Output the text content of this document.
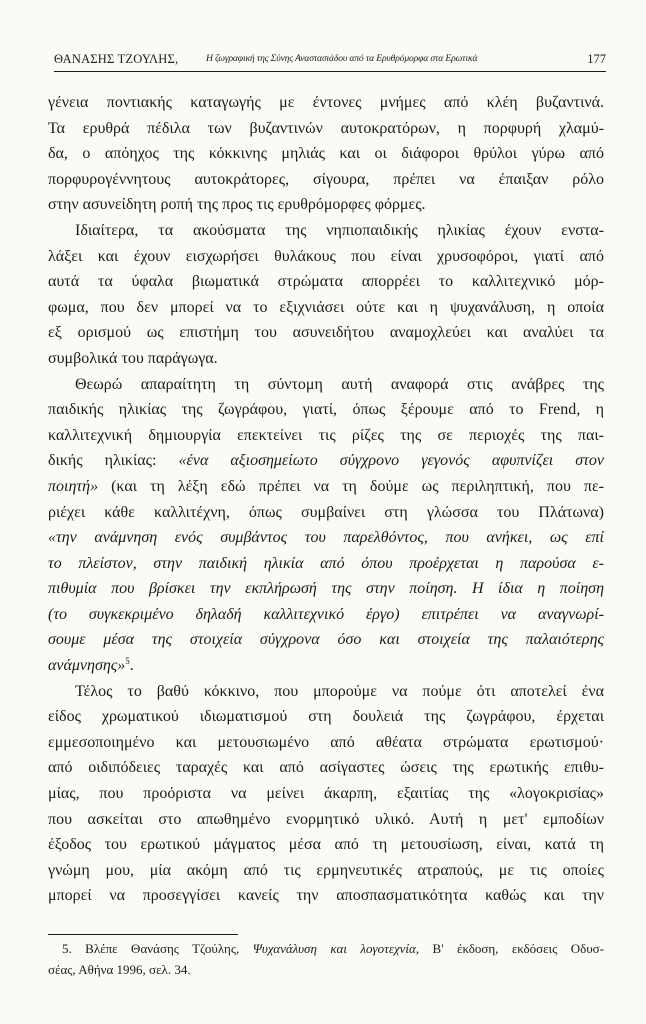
ΘΑΝΑΣΗΣ ΤΖΟΥΛΗΣ,	Η ζωγραφική της Σύνης Αναστασιάδου από τα Ερυθρόμορφα στα Ερωτικά	177
γένεια ποντιακής καταγωγής με έντονες μνήμες από κλέη βυζαντινά.
Τα ερυθρά πέδιλα των βυζαντινών αυτοκρατόρων, η πορφυρή χλαμύ-
δα, ο απόηχος της κόκκινης μηλιάς και οι διάφοροι θρύλοι γύρω από
πορφυρογέννητους αυτοκράτορες, σίγουρα, πρέπει να έπαιξαν ρόλο
στην ασυνείδητη ροπή της προς τις ερυθρόμορφες φόρμες.
Ιδιαίτερα, τα ακούσματα της νηπιοπαιδικής ηλικίας έχουν ενστα-
λάξει και έχουν εισχωρήσει θυλάκους που είναι χρυσοφόροι, γιατί από
αυτά τα ύφαλα βιωματικά στρώματα απορρέει το καλλιτεχνικό μόρ-
φωμα, που δεν μπορεί να το εξιχνιάσει ούτε και η ψυχανάλυση, η οποία
εξ ορισμού ως επιστήμη του ασυνειδήτου αναμοχλεύει και αναλύει τα
συμβολικά του παράγωγα.
Θεωρώ απαραίτητη τη σύντομη αυτή αναφορά στις ανάβρες της
παιδικής ηλικίας της ζωγράφου, γιατί, όπως ξέρουμε από το Frend, η
καλλιτεχνική δημιουργία επεκτείνει τις ρίζες της σε περιοχές της παι-
δικής ηλικίας: «ένα αξιοσημείωτο σύγχρονο γεγονός αφυπνίζει στον
ποιητή» (και τη λέξη εδώ πρέπει να τη δούμε ως περιληπτική, που πε-
ριέχει κάθε καλλιτέχνη, όπως συμβαίνει στη γλώσσα του Πλάτωνα)
«την ανάμνηση ενός συμβάντος του παρελθόντος, που ανήκει, ως επί
το πλείστον, στην παιδική ηλικία από όπου προέρχεται η παρούσα ε-
πιθυμία που βρίσκει την εκπλήρωσή της στην ποίηση. Η ίδια η ποίηση
(το συγκεκριμένο δηλαδή καλλιτεχνικό έργο) επιτρέπει να αναγνωρί-
σουμε μέσα της στοιχεία σύγχρονα όσο και στοιχεία της παλαιότερης
ανάμνησης»$^5$.
Τέλος το βαθύ κόκκινο, που μπορούμε να πούμε ότι αποτελεί ένα
είδος χρωματικού ιδιωματισμού στη δουλειά της ζωγράφου, έρχεται
εμμεσοποιημένο και μετουσιωμένο από αθέατα στρώματα ερωτισμού·
από οιδιπόδειες ταραχές και από ασίγαστες ώσεις της ερωτικής επιθυ-
μίας, που προόριστα να μείνει άκαρπη, εξαιτίας της «λογοκρισίας»
που ασκείται στο απωθημένο ενορμητικό υλικό. Αυτή η μετ' εμποδίων
έξοδος του ερωτικού μάγματος μέσα από τη μετουσίωση, είναι, κατά τη
γνώμη μου, μία ακόμη από τις ερμηνευτικές ατραπούς, με τις οποίες
μπορεί να προσεγγίσει κανείς την αποσπασματικότητα καθώς και την
5. Βλέπε Θανάσης Τζούλης, Ψυχανάλυση και λογοτεχνία, Β' έκδοση, εκδόσεις Οδυσ-
σέας, Αθήνα 1996, σελ. 34.
